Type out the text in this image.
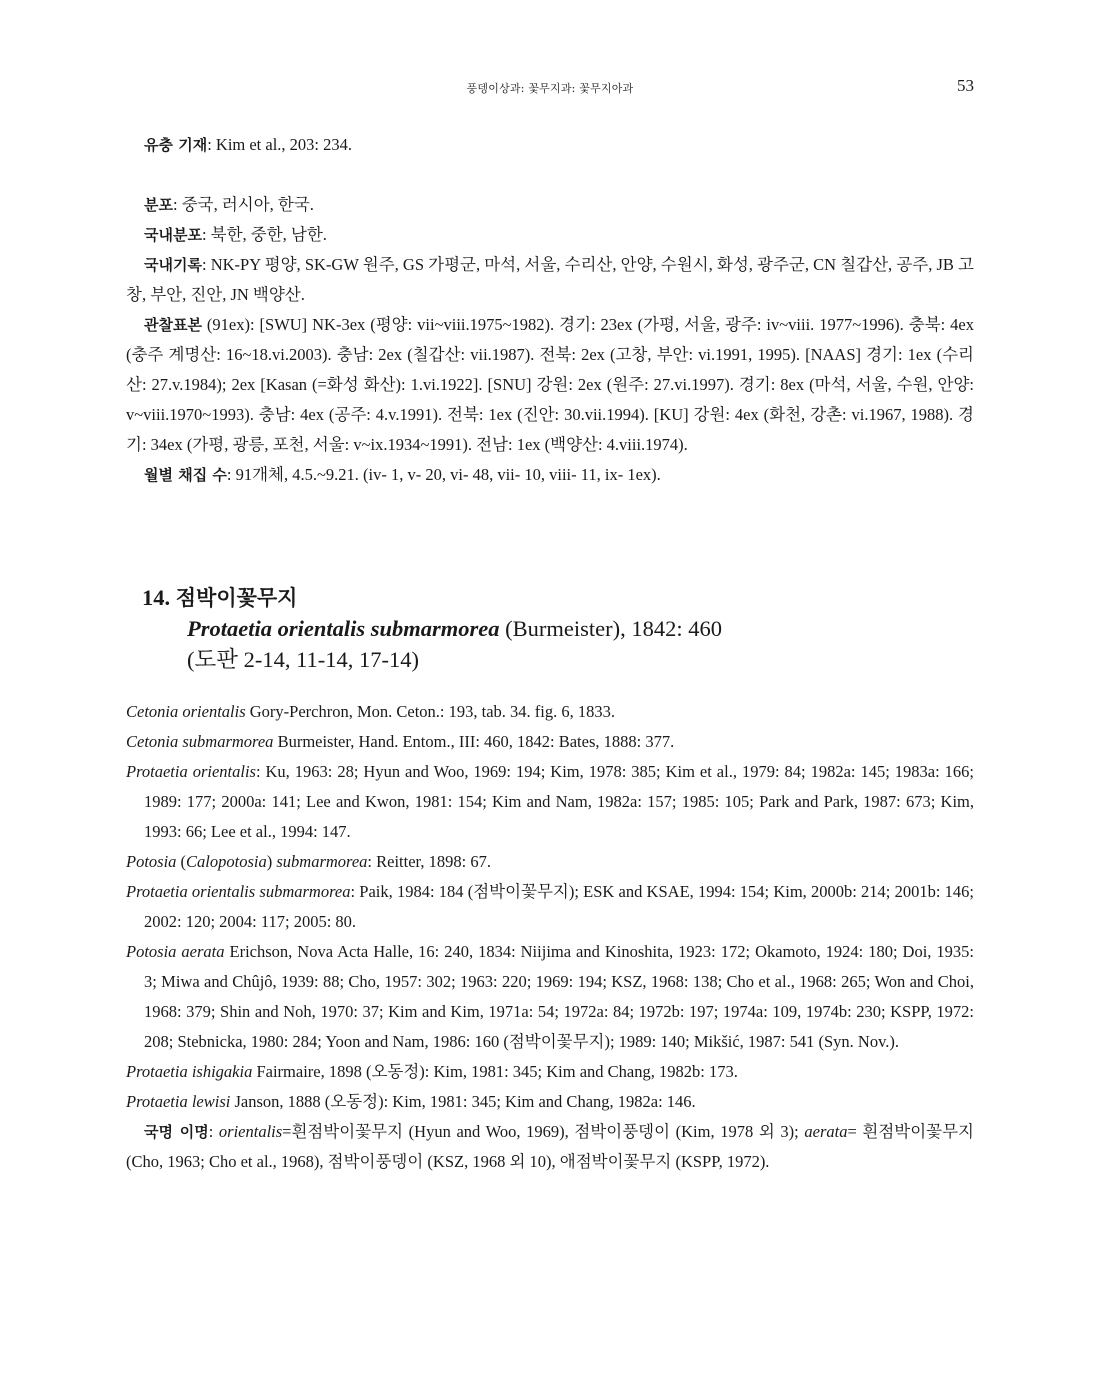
풍뎅이상과: 꽃무지과: 꽃무지아과	53

유충 기재: Kim et al., 203: 234.

분포: 중국, 러시아, 한국.

국내분포: 북한, 중한, 남한.

국내기록: NK-PY 평양, SK-GW 원주, GS 가평군, 마석, 서울, 수리산, 안양, 수원시, 화성, 광주군, CN 칠갑산, 공주, JB 고창, 부안, 진안, JN 백양산.

관찰표본 (91ex): [SWU] NK-3ex (평양: vii~viii.1975~1982). 경기: 23ex (가평, 서울, 광주: iv~viii. 1977~1996). 충북: 4ex (충주 계명산: 16~18.vi.2003). 충남: 2ex (칠갑산: vii.1987). 전북: 2ex (고창, 부안: vi.1991, 1995). [NAAS] 경기: 1ex (수리산: 27.v.1984); 2ex [Kasan (=화성 화산): 1.vi.1922]. [SNU] 강원: 2ex (원주: 27.vi.1997). 경기: 8ex (마석, 서울, 수원, 안양: v~viii.1970~1993). 충남: 4ex (공주: 4.v.1991). 전북: 1ex (진안: 30.vii.1994). [KU] 강원: 4ex (화천, 강촌: vi.1967, 1988). 경기: 34ex (가평, 광릉, 포천, 서울: v~ix.1934~1991). 전남: 1ex (백양산: 4.viii.1974).

월별 채집 수: 91개체, 4.5.~9.21. (iv- 1, v- 20, vi- 48, vii- 10, viii- 11, ix- 1ex).

14. 점박이꽃무지
Protaetia orientalis submarmorea (Burmeister), 1842: 460
(도판 2-14, 11-14, 17-14)

Cetonia orientalis Gory-Perchron, Mon. Ceton.: 193, tab. 34. fig. 6, 1833.

Cetonia submarmorea Burmeister, Hand. Entom., III: 460, 1842: Bates, 1888: 377.

Protaetia orientalis: Ku, 1963: 28; Hyun and Woo, 1969: 194; Kim, 1978: 385; Kim et al., 1979: 84; 1982a: 145; 1983a: 166; 1989: 177; 2000a: 141; Lee and Kwon, 1981: 154; Kim and Nam, 1982a: 157; 1985: 105; Park and Park, 1987: 673; Kim, 1993: 66; Lee et al., 1994: 147.

Potosia (Calopotosia) submarmorea: Reitter, 1898: 67.

Protaetia orientalis submarmorea: Paik, 1984: 184 (점박이꽃무지); ESK and KSAE, 1994: 154; Kim, 2000b: 214; 2001b: 146; 2002: 120; 2004: 117; 2005: 80.

Potosia aerata Erichson, Nova Acta Halle, 16: 240, 1834: Niijima and Kinoshita, 1923: 172; Okamoto, 1924: 180; Doi, 1935: 3; Miwa and Chûjô, 1939: 88; Cho, 1957: 302; 1963: 220; 1969: 194; KSZ, 1968: 138; Cho et al., 1968: 265; Won and Choi, 1968: 379; Shin and Noh, 1970: 37; Kim and Kim, 1971a: 54; 1972a: 84; 1972b: 197; 1974a: 109, 1974b: 230; KSPP, 1972: 208; Stebnicka, 1980: 284; Yoon and Nam, 1986: 160 (점박이꽃무지); 1989: 140; Mikšić, 1987: 541 (Syn. Nov.).

Protaetia ishigakia Fairmaire, 1898 (오동정): Kim, 1981: 345; Kim and Chang, 1982b: 173.

Protaetia lewisi Janson, 1888 (오동정): Kim, 1981: 345; Kim and Chang, 1982a: 146.

국명 이명: orientalis=흰점박이꽃무지 (Hyun and Woo, 1969), 점박이풍뎅이 (Kim, 1978 외 3); aerata= 흰점박이꽃무지 (Cho, 1963; Cho et al., 1968), 점박이풍뎅이 (KSZ, 1968 외 10), 애점박이꽃무지 (KSPP, 1972).
